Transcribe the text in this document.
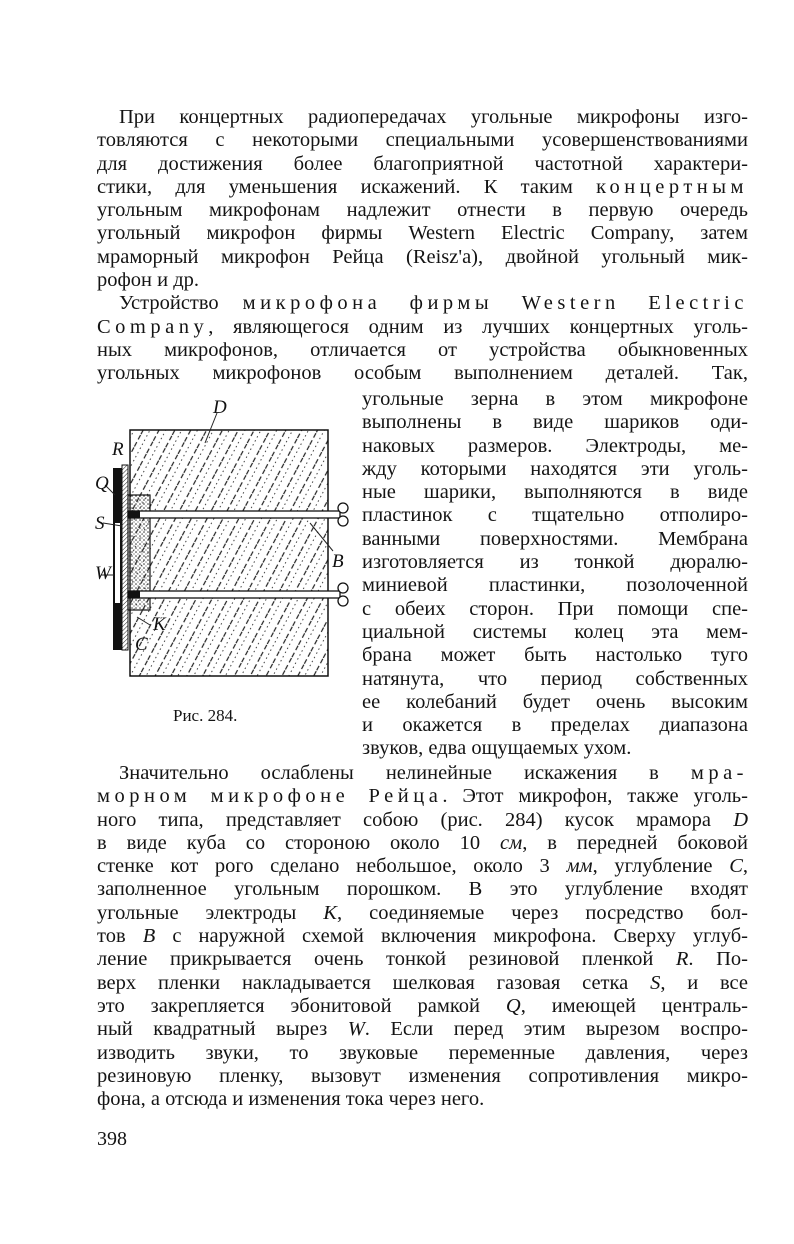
При концертных радиопередачах угольные микрофоны изго-
товляются с некоторыми специальными усовершенствованиями
для достижения более благоприятной частотной характери-
стики, для уменьшения искажений. К таким концертным
угольным микрофонам надлежит отнести в первую очередь
угольный микрофон фирмы Western Electric Company, затем
мраморный микрофон Рейца (Reisz'a), двойной угольный мик-
рофон и др.
Устройство микрофона фирмы Western Electric
Company, являющегося одним из лучших концертных уголь-
ных микрофонов, отличается от устройства обыкновенных
угольных микрофонов особым выполнением деталей. Так,
угольные зерна в этом микрофоне
выполнены в виде шариков оди-
наковых размеров. Электроды, ме-
жду которыми находятся эти уголь-
ные шарики, выполняются в виде
пластинок с тщательно отполиро-
ванными поверхностями. Мембрана
изготовляется из тонкой дюралю-
миниевой пластинки, позолоченной
с обеих сторон. При помощи спе-
циальной системы колец эта мем-
брана может быть настолько туго
натянута, что период собственных
ее колебаний будет очень высоким
и окажется в пределах диапазона
звуков, едва ощущаемых ухом.
Значительно ослаблены нелинейные искажения в мра-
морном микрофоне Рейца. Этот микрофон, также уголь-
ного типа, представляет собою (рис. 284) кусок мрамора D
в виде куба со стороною около 10 см, в передней боковой
стенке кот рого сделано небольшое, около 3 мм, углубление C,
заполненное угольным порошком. В это углубление входят
угольные электроды K, соединяемые через посредство бол-
тов B с наружной схемой включения микрофона. Сверху углуб-
ление прикрывается очень тонкой резиновой пленкой R. По-
верх пленки накладывается шелковая газовая сетка S, и все
это закрепляется эбонитовой рамкой Q, имеющей централь-
ный квадратный вырез W. Если перед этим вырезом воспро-
изводить звуки, то звуковые переменные давления, через
резиновую пленку, вызовут изменения сопротивления микро-
фона, а отсюда и изменения тока через него.
D
R
Q
S
W
B
K
C
Рис. 284.
398
